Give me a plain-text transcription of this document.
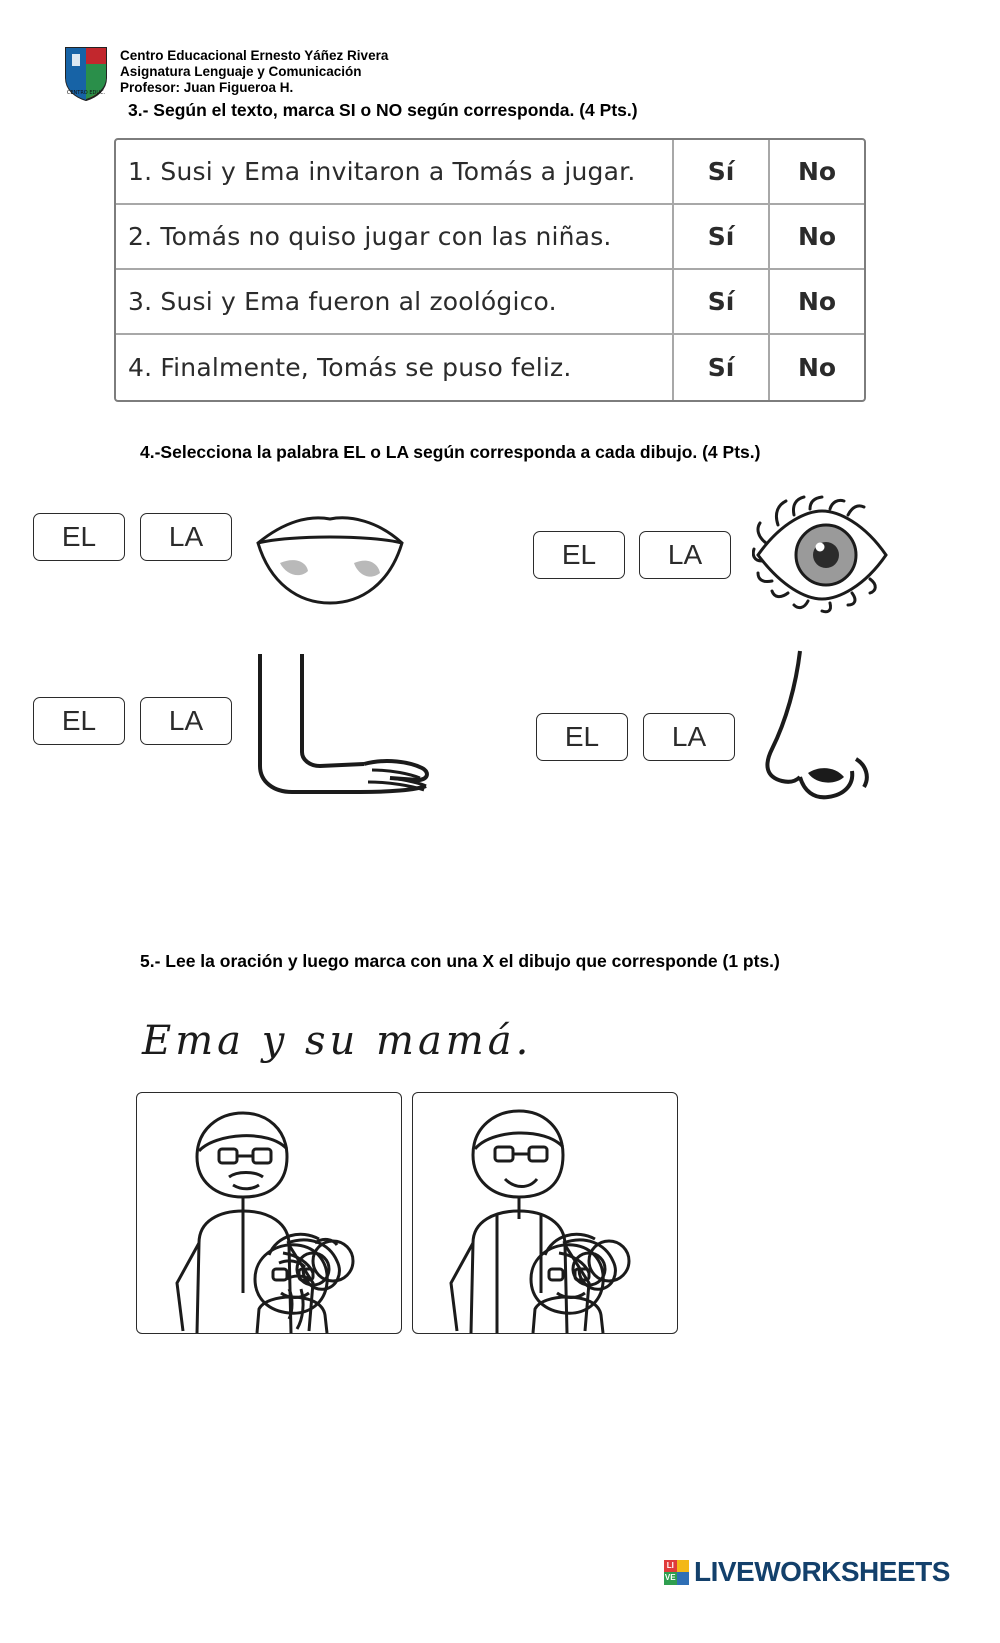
CENTRO EDUC.
Centro Educacional Ernesto Yáñez Rivera
Asignatura Lenguaje y Comunicación
Profesor: Juan Figueroa H.
3.- Según el texto, marca SI o NO según corresponda. (4 Pts.)
1. Susi y Ema invitaron a Tomás a jugar.	Sí	No
2. Tomás no quiso jugar con las niñas.	Sí	No
3. Susi y Ema fueron al zoológico.	Sí	No
4. Finalmente, Tomás se puso feliz.	Sí	No
4.-Selecciona la palabra EL o LA según corresponda a cada dibujo. (4 Pts.)
EL	LA
EL	LA
EL	LA
EL	LA
5.- Lee la oración y luego marca con una X el dibujo que corresponde (1 pts.)
Ema y su mamá.
LI
VE LIVEWORKSHEETS
